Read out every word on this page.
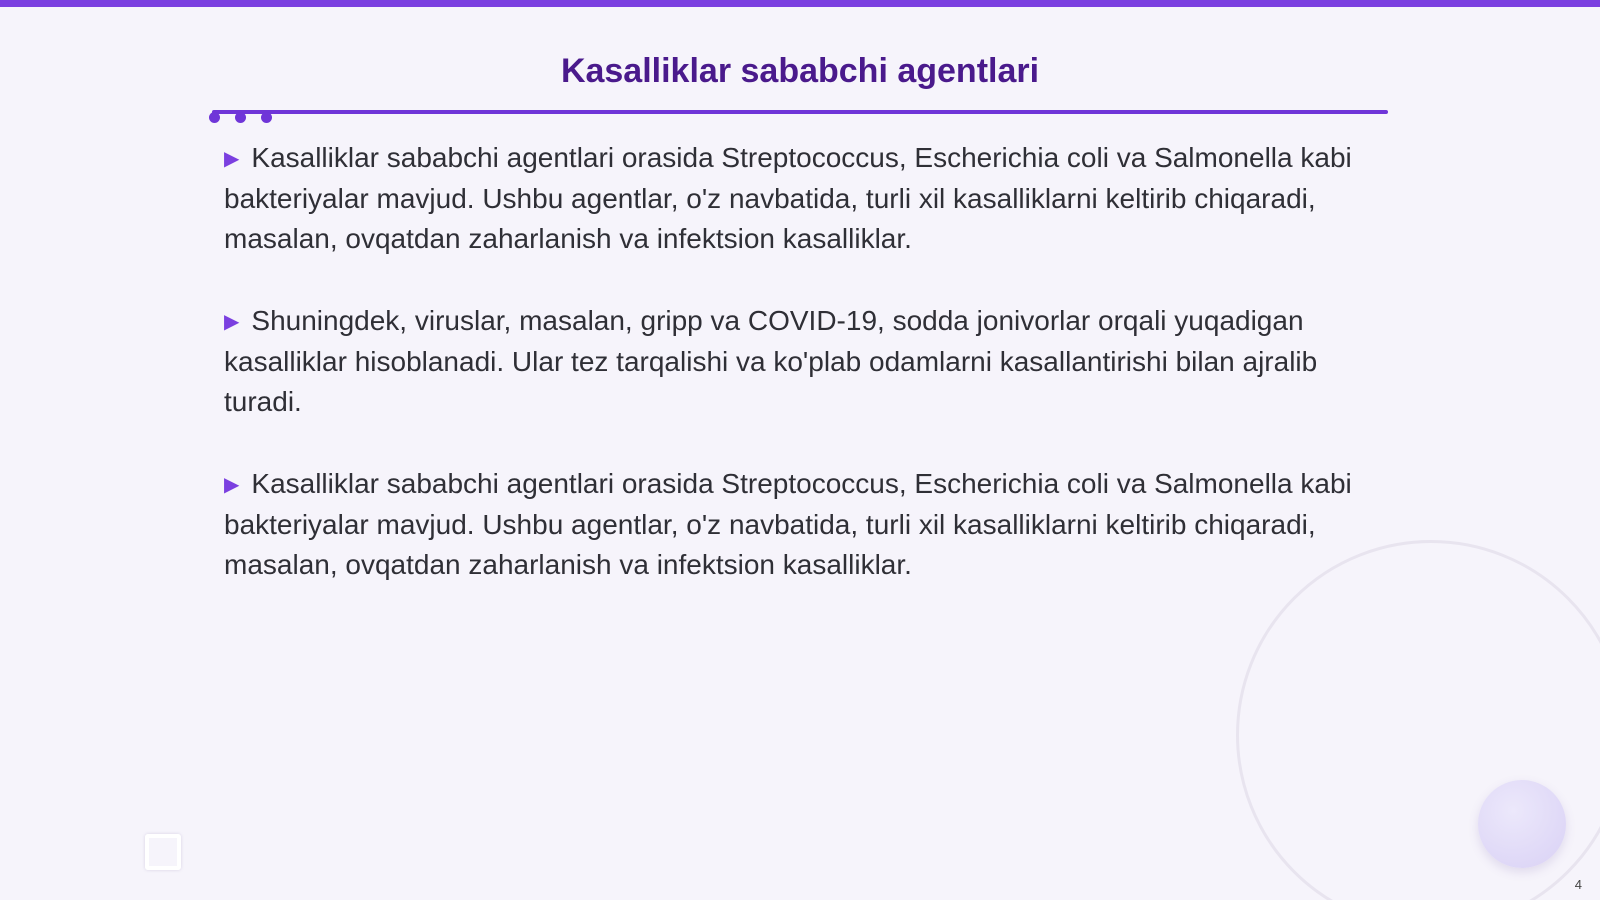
Kasalliklar sababchi agentlari

▶ Kasalliklar sababchi agentlari orasida Streptococcus, Escherichia coli va Salmonella kabi bakteriyalar mavjud. Ushbu agentlar, o'z navbatida, turli xil kasalliklarni keltirib chiqaradi, masalan, ovqatdan zaharlanish va infektsion kasalliklar.

▶ Shuningdek, viruslar, masalan, gripp va COVID-19, sodda jonivorlar orqali yuqadigan kasalliklar hisoblanadi. Ular tez tarqalishi va ko'plab odamlarni kasallantirishi bilan ajralib turadi.

▶ Kasalliklar sababchi agentlari orasida Streptococcus, Escherichia coli va Salmonella kabi bakteriyalar mavjud. Ushbu agentlar, o'z navbatida, turli xil kasalliklarni keltirib chiqaradi, masalan, ovqatdan zaharlanish va infektsion kasalliklar.

4
